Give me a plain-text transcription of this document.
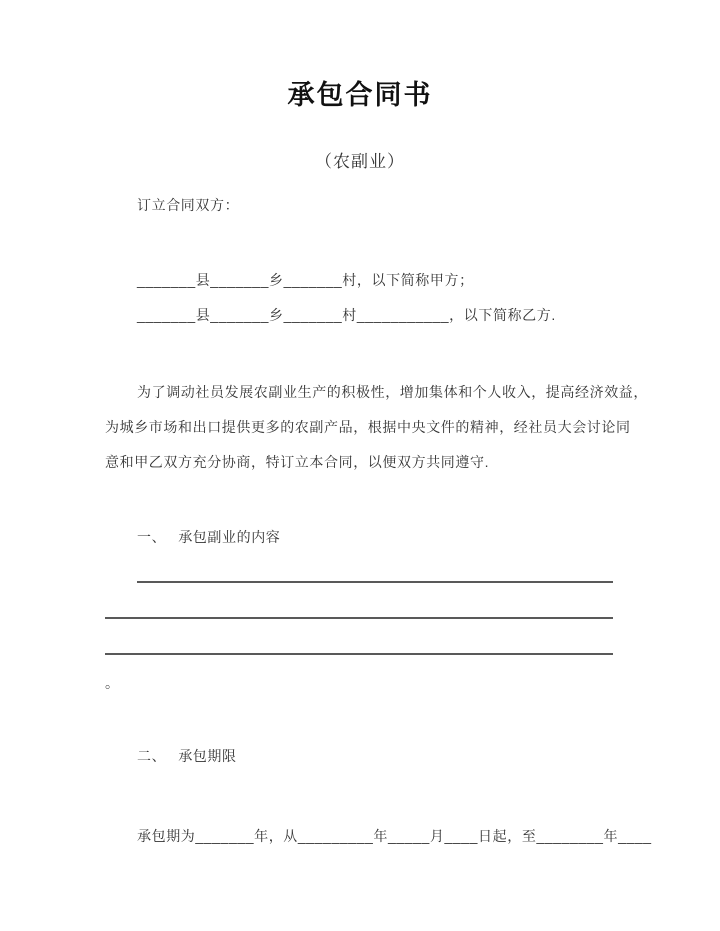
承包合同书
（农副业）
订立合同双方：
_______县_______乡_______村，以下简称甲方；
_______县_______乡_______村___________，以下简称乙方.
为了调动社员发展农副业生产的积极性，增加集体和个人收入，提高经济效益，
为城乡市场和出口提供更多的农副产品，根据中央文件的精神，经社员大会讨论同
意和甲乙双方充分协商，特订立本合同，以便双方共同遵守.
一、 承包副业的内容
。
二、 承包期限
承包期为_______年，从_________年_____月____日起，至________年____
